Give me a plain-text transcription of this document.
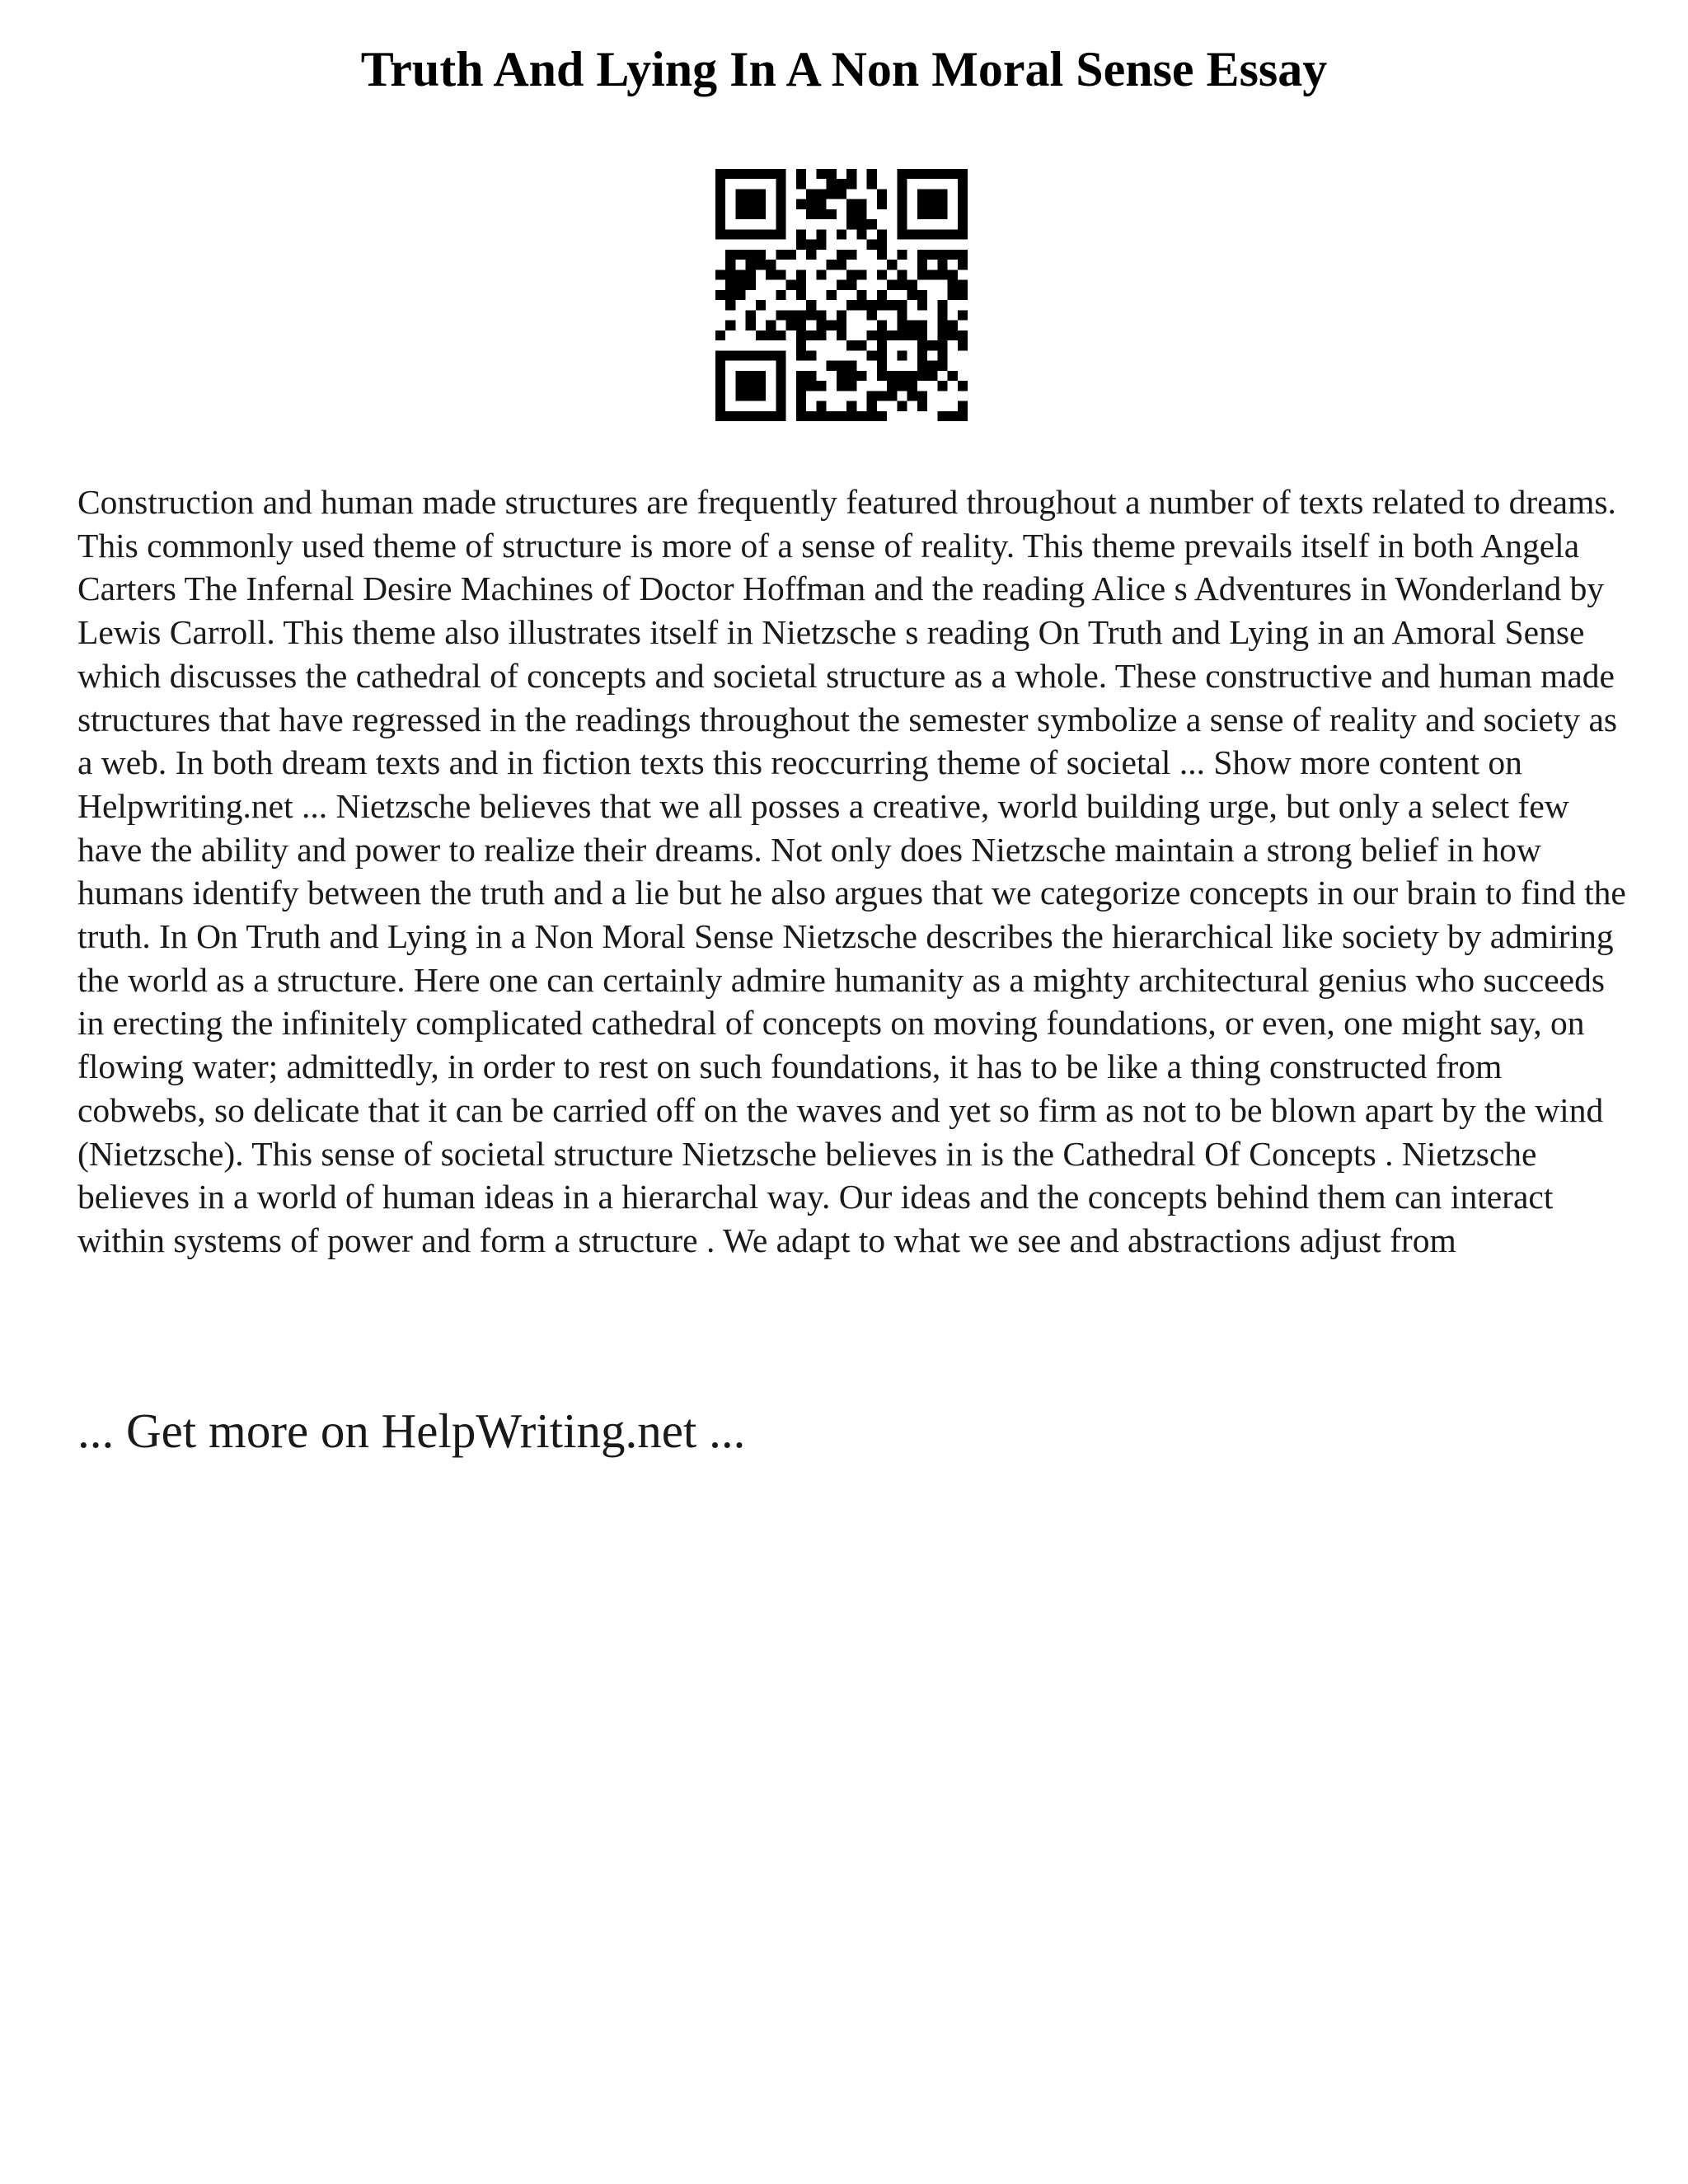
Truth And Lying In A Non Moral Sense Essay

Construction and human made structures are frequently featured throughout a number of texts related to dreams. This commonly used theme of structure is more of a sense of reality. This theme prevails itself in both Angela Carters The Infernal Desire Machines of Doctor Hoffman and the reading Alice s Adventures in Wonderland by Lewis Carroll. This theme also illustrates itself in Nietzsche s reading On Truth and Lying in an Amoral Sense which discusses the cathedral of concepts and societal structure as a whole. These constructive and human made structures that have regressed in the readings throughout the semester symbolize a sense of reality and society as a web. In both dream texts and in fiction texts this reoccurring theme of societal ... Show more content on Helpwriting.net ... Nietzsche believes that we all posses a creative, world building urge, but only a select few have the ability and power to realize their dreams. Not only does Nietzsche maintain a strong belief in how humans identify between the truth and a lie but he also argues that we categorize concepts in our brain to find the truth. In On Truth and Lying in a Non Moral Sense Nietzsche describes the hierarchical like society by admiring the world as a structure. Here one can certainly admire humanity as a mighty architectural genius who succeeds in erecting the infinitely complicated cathedral of concepts on moving foundations, or even, one might say, on flowing water; admittedly, in order to rest on such foundations, it has to be like a thing constructed from cobwebs, so delicate that it can be carried off on the waves and yet so firm as not to be blown apart by the wind (Nietzsche). This sense of societal structure Nietzsche believes in is the Cathedral Of Concepts . Nietzsche believes in a world of human ideas in a hierarchal way. Our ideas and the concepts behind them can interact within systems of power and form a structure . We adapt to what we see and abstractions adjust from

... Get more on HelpWriting.net ...
